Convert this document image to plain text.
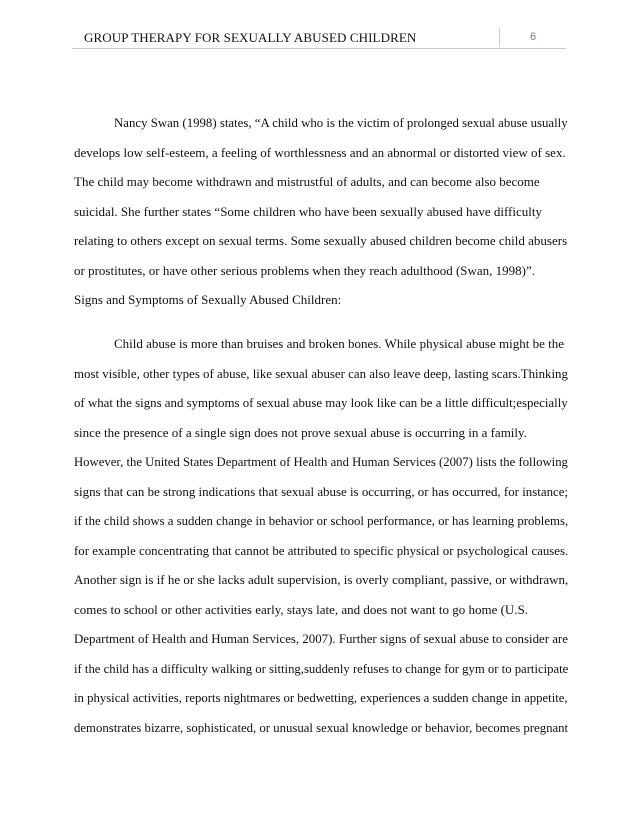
GROUP THERAPY FOR SEXUALLY ABUSED CHILDREN	6
Nancy Swan (1998) states, “A child who is the victim of prolonged sexual abuse usually
develops low self-esteem, a feeling of worthlessness and an abnormal or distorted view of sex.
The child may become withdrawn and mistrustful of adults, and can become also become
suicidal. She further states “Some children who have been sexually abused have difficulty
relating to others except on sexual terms. Some sexually abused children become child abusers
or prostitutes, or have other serious problems when they reach adulthood (Swan, 1998)”.
Signs and Symptoms of Sexually Abused Children:
Child abuse is more than bruises and broken bones. While physical abuse might be the
most visible, other types of abuse, like sexual abuser can also leave deep, lasting scars.Thinking
of what the signs and symptoms of sexual abuse may look like can be a little difficult;especially
since the presence of a single sign does not prove sexual abuse is occurring in a family.
However, the United States Department of Health and Human Services (2007) lists the following
signs that can be strong indications that sexual abuse is occurring, or has occurred, for instance;
if the child shows a sudden change in behavior or school performance, or has learning problems,
for example concentrating that cannot be attributed to specific physical or psychological causes.
Another sign is if he or she lacks adult supervision, is overly compliant, passive, or withdrawn,
comes to school or other activities early, stays late, and does not want to go home (U.S.
Department of Health and Human Services, 2007). Further signs of sexual abuse to consider are
if the child has a difficulty walking or sitting,suddenly refuses to change for gym or to participate
in physical activities, reports nightmares or bedwetting, experiences a sudden change in appetite,
demonstrates bizarre, sophisticated, or unusual sexual knowledge or behavior, becomes pregnant
